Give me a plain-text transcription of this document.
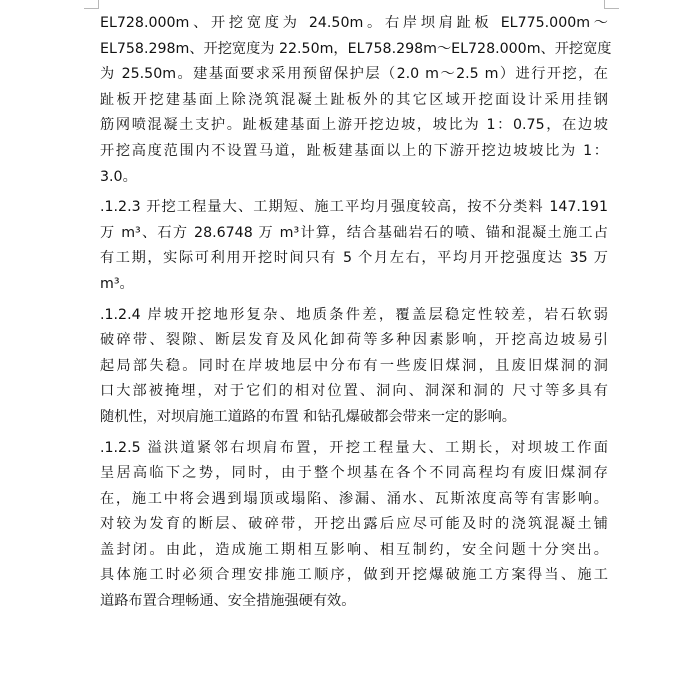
EL728.000m、开挖宽度为 24.50m。右岸坝肩趾板 EL775.000m～
EL758.298m、开挖宽度为 22.50m，EL758.298m～EL728.000m、开挖宽度
为 25.50m。建基面要求采用预留保护层（2.0 m～2.5 m）进行开挖，在
趾板开挖建基面上除浇筑混凝土趾板外的其它区域开挖面设计采用挂钢
筋网喷混凝土支护。趾板建基面上游开挖边坡，坡比为 1：0.75，在边坡
开挖高度范围内不设置马道，趾板建基面以上的下游开挖边坡坡比为 1：
3.0。

.1.2.3 开挖工程量大、工期短、施工平均月强度较高，按不分类料 147.191
万 m³、石方 28.6748 万 m³计算，结合基础岩石的喷、锚和混凝土施工占
有工期，实际可利用开挖时间只有 5 个月左右，平均月开挖强度达 35 万
m³。

.1.2.4 岸坡开挖地形复杂、地质条件差，覆盖层稳定性较差，岩石软弱
破碎带、裂隙、断层发育及风化卸荷等多种因素影响，开挖高边坡易引
起局部失稳。同时在岸坡地层中分布有一些废旧煤洞，且废旧煤洞的洞
口大部被掩埋，对于它们的相对位置、洞向、洞深和洞的 尺寸等多具有
随机性，对坝肩施工道路的布置 和钻孔爆破都会带来一定的影响。

.1.2.5 溢洪道紧邻右坝肩布置，开挖工程量大、工期长，对坝坡工作面
呈居高临下之势，同时，由于整个坝基在各个不同高程均有废旧煤洞存
在，施工中将会遇到塌顶或塌陷、渗漏、涌水、瓦斯浓度高等有害影响。
对较为发育的断层、破碎带，开挖出露后应尽可能及时的浇筑混凝土铺
盖封闭。由此，造成施工期相互影响、相互制约，安全问题十分突出。
具体施工时必须合理安排施工顺序，做到开挖爆破施工方案得当、施工
道路布置合理畅通、安全措施强硬有效。
